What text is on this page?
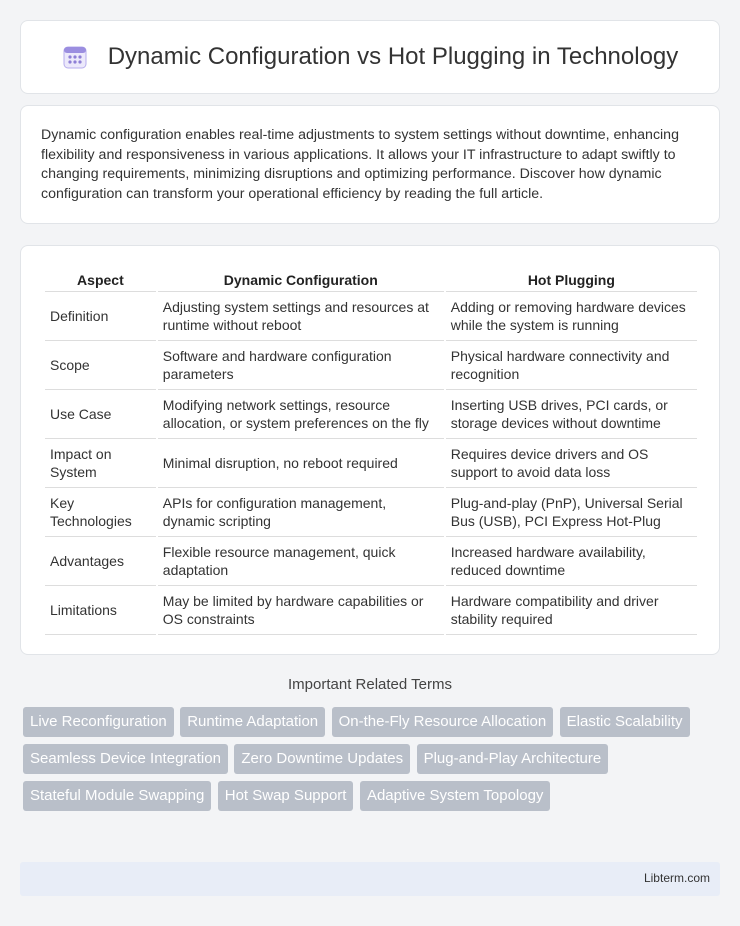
Dynamic Configuration vs Hot Plugging in Technology

Dynamic configuration enables real-time adjustments to system settings without downtime, enhancing flexibility and responsiveness in various applications. It allows your IT infrastructure to adapt swiftly to changing requirements, minimizing disruptions and optimizing performance. Discover how dynamic configuration can transform your operational efficiency by reading the full article.

Aspect	Dynamic Configuration	Hot Plugging
Definition	Adjusting system settings and resources at runtime without reboot	Adding or removing hardware devices while the system is running
Scope	Software and hardware configuration parameters	Physical hardware connectivity and recognition
Use Case	Modifying network settings, resource allocation, or system preferences on the fly	Inserting USB drives, PCI cards, or storage devices without downtime
Impact on System	Minimal disruption, no reboot required	Requires device drivers and OS support to avoid data loss
Key Technologies	APIs for configuration management, dynamic scripting	Plug-and-play (PnP), Universal Serial Bus (USB), PCI Express Hot-Plug
Advantages	Flexible resource management, quick adaptation	Increased hardware availability, reduced downtime
Limitations	May be limited by hardware capabilities or OS constraints	Hardware compatibility and driver stability required
Important Related Terms
Live Reconfiguration Runtime Adaptation On-the-Fly Resource Allocation Elastic Scalability Seamless Device Integration Zero Downtime Updates Plug-and-Play Architecture Stateful Module Swapping Hot Swap Support Adaptive System Topology
Libterm.com
